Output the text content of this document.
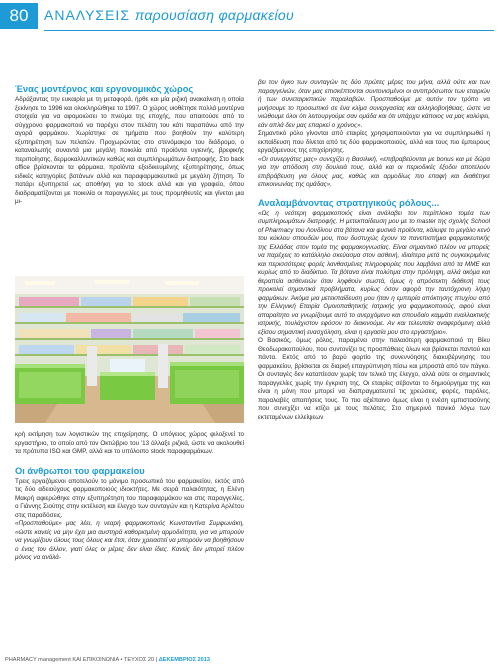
80	ΑΝΑΛΥΣΕΙΣ παρουσίαση φαρμακείου
Ένας μοντέρνος και εργονομικός χώρος

Αδράξαντας την ευκαιρία με τη μεταφορά, ήρθε και μία ριζική ανακαίνιση η οποία ξεκίνησε το 1996 και ολοκληρώθηκε το 1997. Ο χώρος υιοθέτησε πολλά μοντέρνα στοιχεία για να αφομοιώσει το πνεύμα της εποχής, που απαιτούσε από το σύγχρονο φαρμακοποιό να παρέχει στον πελάτη του κάτι παραπάνω από την αγορά φαρμάκου. Χωρίστηκε σε τμήματα που βοηθούν την καλύτερη εξυπηρέτηση των πελατών. Προχωρώντας στο στενόμακρο του διάδρομο, ο καταναλωτής συναντά μια μεγάλη ποικιλία από προϊόντα υγιεινής, βρεφικής περιποίησης, δερμοκαλλυντικών καθώς και συμπληρωμάτων διατροφής. Στο back office βρίσκονται τα φάρμακα, προϊόντα εξειδικευμένης εξυπηρέτησης, όπως ειδικές κατηγορίες βοτάνων αλλά και παραφαρμακευτικά με μεγάλη ζήτηση. Το πατάρι εξυπηρετεί ως αποθήκη για το stock αλλά και για γραφείο, όπου διαδραματίζονται με ποικιλία οι παραγγελίες με τους προμηθευτές και γίνεται μια μι-

κρή εκτίμηση των λογιστικών της επιχείρησης. Ο υπόγειος χώρος φιλοξενεί το εργαστήριο, το οποίο από τον Οκτώβριο του '13 άλλαξε ριζικά, ώστε να ακολουθεί τα πρότυπα ISO και GMP, αλλά και το υπόλοιπο stock παραφαρμάκων.

Οι άνθρωποι του φαρμακείου

Τρεις εργαζόμενοι αποτελούν το μόνιμο προσωπικό του φαρμακείου, εκτός από τις δύο αδειούχους φαρμακοποιούς ιδιοκτήτες. Με σειρά παλαιότητας, η Ελένη Μακρή αφιερώθηκε στην εξυπηρέτηση του παραφαρμάκου και στις παραγγελίες, ο Γιάννης Σιούτης στην εκτέλεση και έλεγχο των συνταγών και η Κατερίνα Αρλέτου στις παραδόσεις.

«Προσπαθούμε» μας λέει, η νεαρή φαρμακοποιός Κωνσταντίνα Συμφωνάκη, «ώστε κανείς να μην έχει μια αυστηρά καθορισμένη αρμοδιότητα, για να μπορούν να γνωρίζουν όλους τους όλους και έτσι, όταν χρειαστεί να μπορούν να βοηθήσουν ο ένας τον άλλον, γιατί όλες οι μέρες δεν είναι ίδιες. Κανείς δεν μπορεί πλέον μόνος να ανάλά-

βει τον όγκο των συνταγών τις δύο πρώτες μέρες του μήνα, αλλά ούτε και των παραγγελιών, όταν μας επισκέπτονται συντονισμένοι οι αντιπρόσωποι των εταιριών ή των συνεταιριστικών παραλαβών. Προσπαθούμε με αυτόν τον τρόπο να μυήσουμε το προσωπικό σε ένα κλίμα συνεργασίας και αλληλοβοήθειας, ώστε να νιώθουμε όλοι ότι λειτουργούμε σαν ομάδα και ότι υπάρχει κάποιος να μας καλύψει, εάν απλά δεν μας επαρκεί ο χρόνος».

Σημαντικό ρόλο γίνονται από εταιρίες χρησιμοποιούνται για να συμπληρωθεί η εκπαίδευση που δίνεται από τις δύο φαρμακοποιούς, αλλά και τους πιο έμπειρους εργαζόμενους της επιχείρησης.

«Οι συνεργάτες μας» συνεχίζει η Βασιλική, «επιβραβεύονται με bonus και με δώρα για την απόδοση στη δουλειά τους, αλλά και οι περιοδικές έξοδοι αποτελούν επιβράβευση για όλους μας, καθώς και αρμοδίως πιο επαφή και διαθέτηκε επικοινωνίας της ομάδας».

Αναλαμβάνοντας στρατηγικούς ρόλους...

«Ως η νεότερη φαρμακοποιός είναι ανάλαβει τον περίπλοκο τομέα των συμπληρωμάτων διατροφής. Η μετεκπαίδευση μου με το master της σχολής School of Pharmacy του Λονδίνου στα βότανα και φυσικά προϊόντα, κάλυψε το μεγάλο κενό του κύκλου σπουδών μου, που δυστυχώς έχουν τα πανεπιστήμια φαρμακευτικής της Ελλάδας στον τομέα της φαρμακογνωσίας. Είναι σημαντικό πλέον να μπορείς να παρέχεις το κατάλληλο σκεύασμα στον ασθενή, ιδιαίτερα μετά τις συγκεκριμένες και περισσότερες φορές λανθασμένες πληροφορίες που λαμβάνει από τα ΜΜΕ και κυρίως από το διαδίκτυο. Τα βότανα είναι πολύτιμα στην πρόληψη, αλλά ακόμα και θεραπεία ασθενειών όταν ληφθούν σωστά, όμως η απρόσεκτη διάθεσή τους προκαλεί σημαντικά προβλήματα, κυρίως όσον αφορά την ταυτόχρονη λήψη φαρμάκων. Άκόμα μια μετεκπαίδευση μου ήταν η εμπειρία απόκτησης πτυχίου από την Ελληνική Εταιρία Ομοιοπαθητικής Ιατρικής για φαρμακοποιούς, αφού είναι απαραίτητο να γνωρίζουμε αυτό το ανερχόμενο και σπουδαίο καμμάτι εναλλακτικής ιατρικής, τουλάχιστον εφόσον το διακινούμε. Αν και τελευταία αναφερόμενη αλλά εξίσου σημαντική ενασχόληση, είναι η εργασία μου στο εργαστήριο».

Ο Βασικός, όμως ρόλος, παραμένει στην παλαιότερη φαρμακοποιό τη Βίκυ Θεοδωρακοπούλου, που συντονίζει τις προσπάθειες όλων και βρίσκεται παντού και πάντα. Εκτός από το βαρύ φορτίο της συνεννόησης διακυβέρνησης του φαρμακείου, βρίσκεται σε διαρκή επαγρύπνηση πίσω και μπροστά από τον πάγκο. Οι συνταγές δεν καταπίεσαν χωρίς τον τελικό της έλεγχο, αλλά ούτε οι σημαντικές παραγγελίες χωρίς την έγκριση της. Οι εταιρίες σέβονται το δημιούργημα της και είναι η μόνη που μπορεί να διαπραγματευτεί τις χρεώσεις, φορές, παρόλες, παραλαβές απαιτήσεις τους. Το πιο αξιέπαινο όμως είναι η ενέση εμπιστοσύνης που συνεχίζει να κτίζει με τους πελάτες. Στο σημερινό πανικό λόγω των εκτεταμένων ελλείψεων

PHARMACY management ΚΑΙ ΕΠΙΚΟΙΝΩΝΙΑ • ΤΕΥΧΟΣ 20 | ΔΕΚΕΜΒΡΙΟΣ 2013
